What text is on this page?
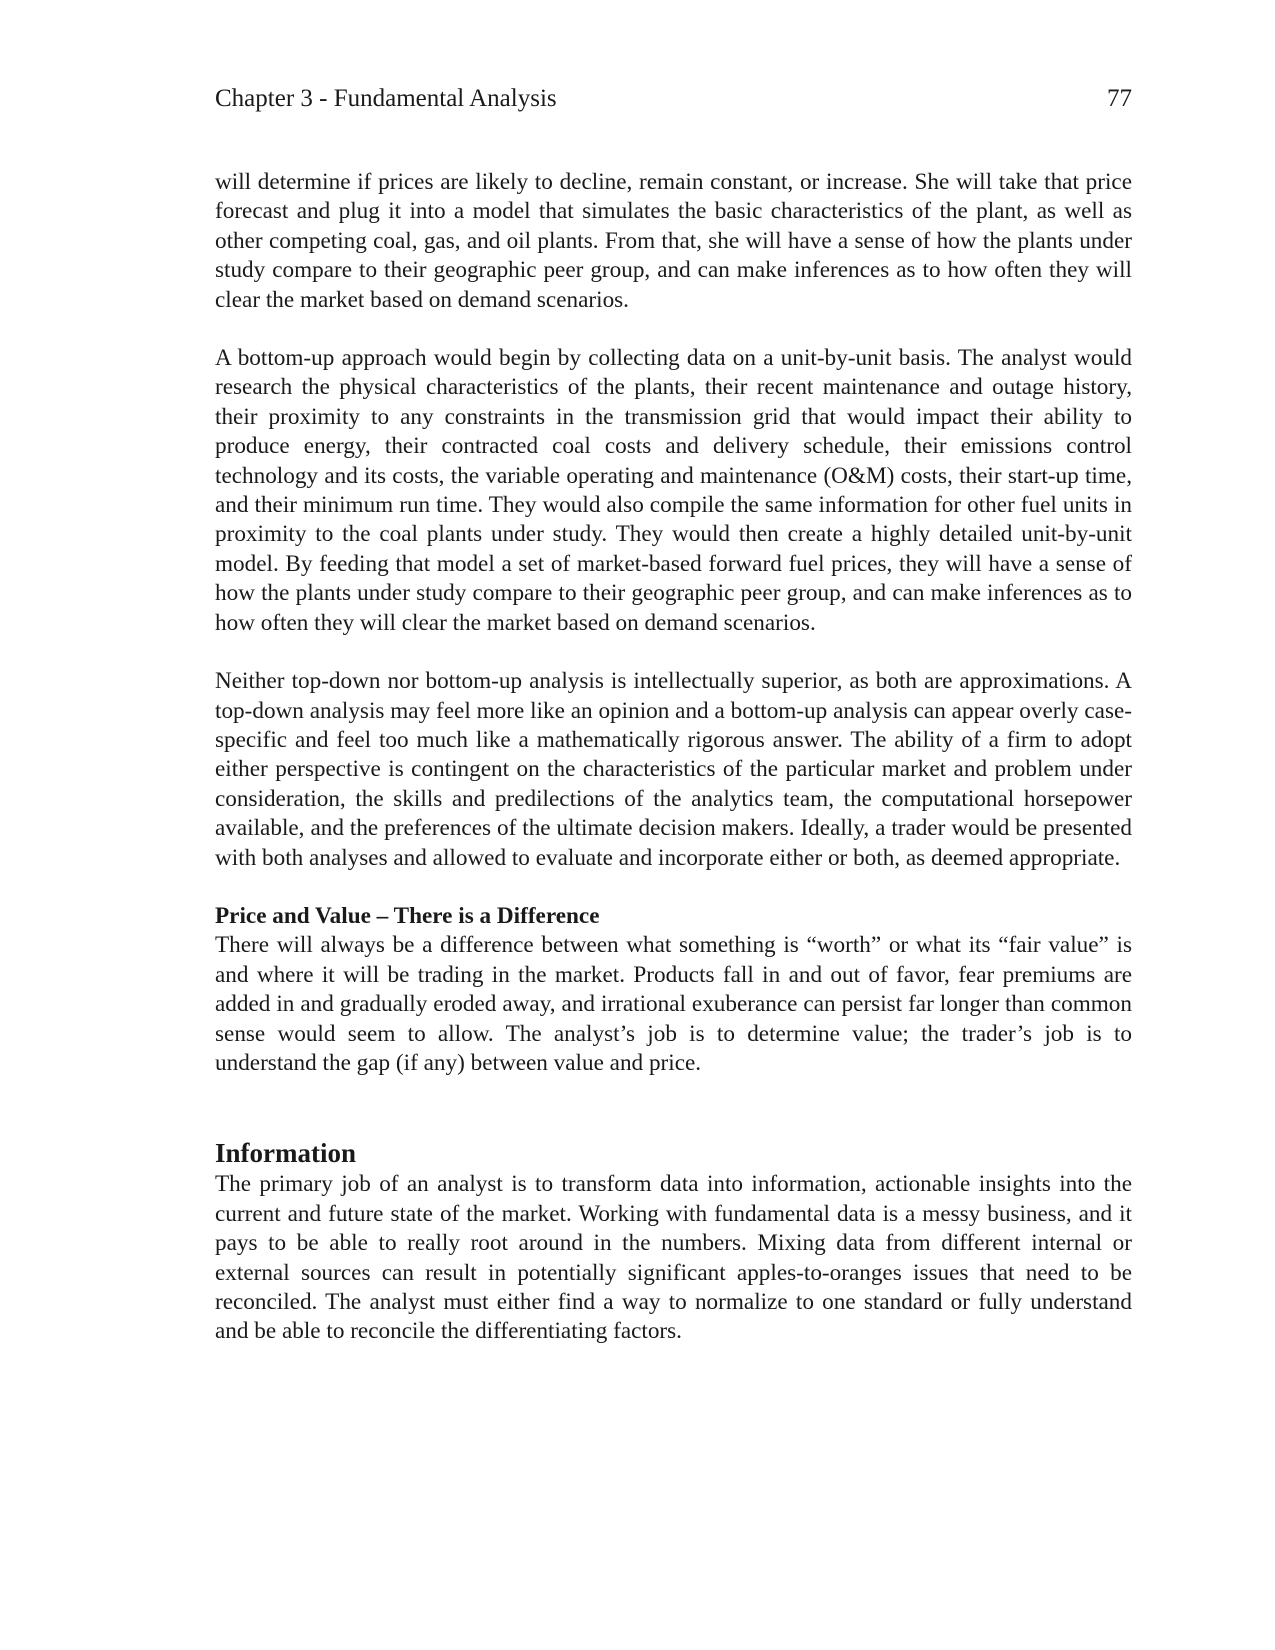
Chapter 3 - Fundamental Analysis	77

will determine if prices are likely to decline, remain constant, or increase. She will take that price forecast and plug it into a model that simulates the basic characteristics of the plant, as well as other competing coal, gas, and oil plants. From that, she will have a sense of how the plants under study compare to their geographic peer group, and can make inferences as to how often they will clear the market based on demand scenarios.

A bottom-up approach would begin by collecting data on a unit-by-unit basis. The analyst would research the physical characteristics of the plants, their recent maintenance and outage history, their proximity to any constraints in the transmission grid that would impact their ability to produce energy, their contracted coal costs and delivery schedule, their emissions control technology and its costs, the variable operating and maintenance (O&M) costs, their start-up time, and their minimum run time. They would also compile the same information for other fuel units in proximity to the coal plants under study. They would then create a highly detailed unit-by-unit model. By feeding that model a set of market-based forward fuel prices, they will have a sense of how the plants under study compare to their geographic peer group, and can make inferences as to how often they will clear the market based on demand scenarios.

Neither top-down nor bottom-up analysis is intellectually superior, as both are approximations. A top-down analysis may feel more like an opinion and a bottom-up analysis can appear overly case-specific and feel too much like a mathematically rigorous answer. The ability of a firm to adopt either perspective is contingent on the characteristics of the particular market and problem under consideration, the skills and predilections of the analytics team, the computational horsepower available, and the preferences of the ultimate decision makers. Ideally, a trader would be presented with both analyses and allowed to evaluate and incorporate either or both, as deemed appropriate.

Price and Value – There is a Difference

There will always be a difference between what something is “worth” or what its “fair value” is and where it will be trading in the market. Products fall in and out of favor, fear premiums are added in and gradually eroded away, and irrational exuberance can persist far longer than common sense would seem to allow. The analyst’s job is to determine value; the trader’s job is to understand the gap (if any) between value and price.

Information

The primary job of an analyst is to transform data into information, actionable insights into the current and future state of the market. Working with fundamental data is a messy business, and it pays to be able to really root around in the numbers. Mixing data from different internal or external sources can result in potentially significant apples-to-oranges issues that need to be reconciled. The analyst must either find a way to normalize to one standard or fully understand and be able to reconcile the differentiating factors.
